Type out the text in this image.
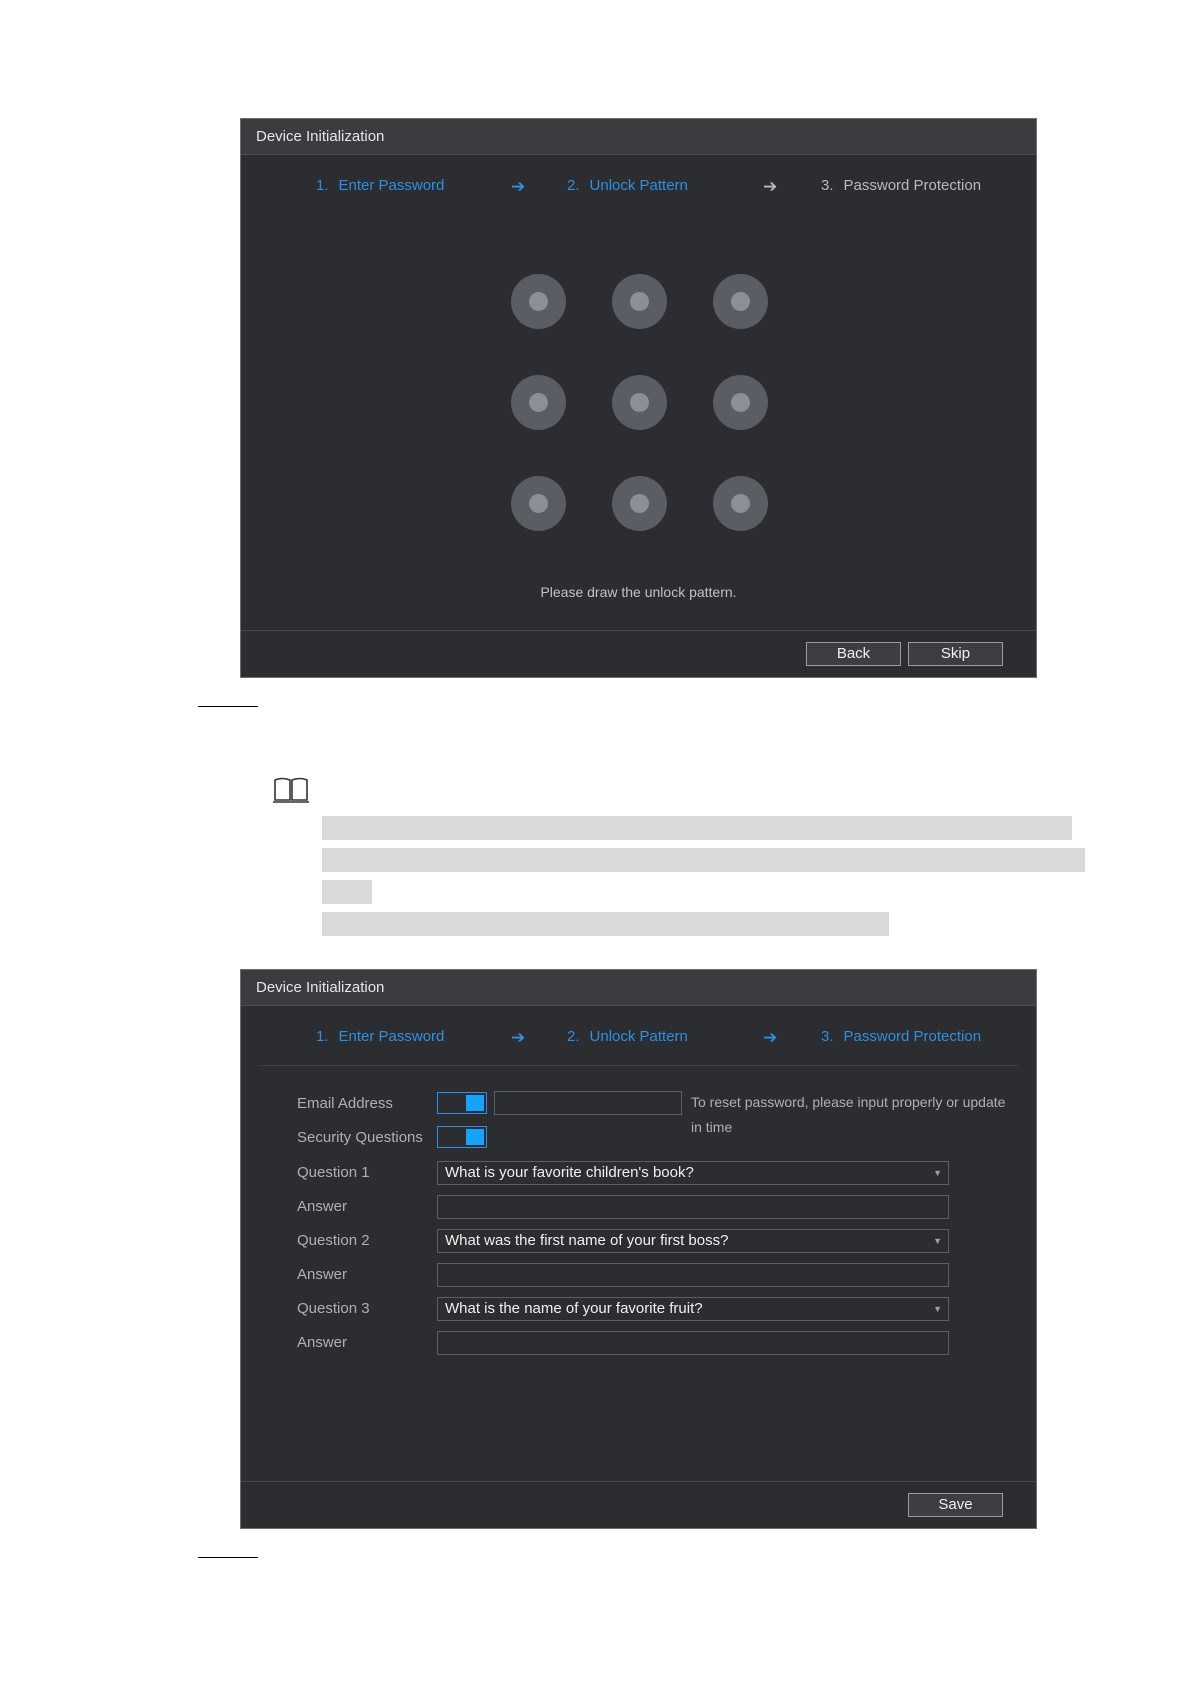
Device Initialization
1. Enter Password	➔	2. Unlock Pattern	➔	3. Password Protection
Please draw the unlock pattern.
Back	Skip
Device Initialization
1. Enter Password	➔	2. Unlock Pattern	➔	3. Password Protection
Email Address	To reset password, please input properly or update in time
Security Questions
Question 1	What is your favorite children's book?	▼
Answer
Question 2	What was the first name of your first boss?	▼
Answer
Question 3	What is the name of your favorite fruit?	▼
Answer
Save
